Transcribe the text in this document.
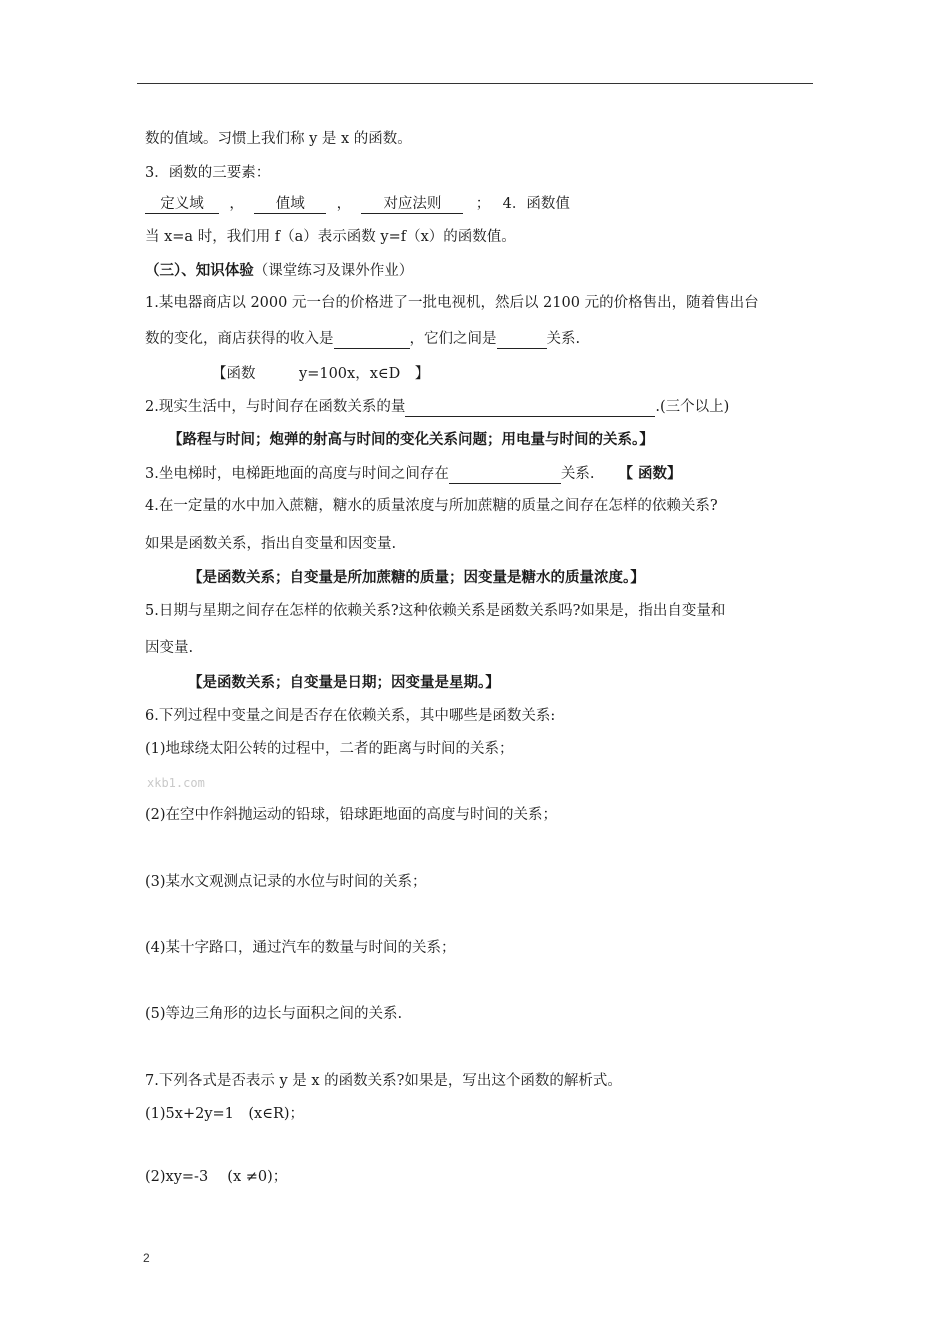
数的值域。习惯上我们称 y 是 x 的函数。
3．函数的三要素：
定义域 ， 值域 ， 对应法则 ； 4．函数值
当 x=a 时，我们用 f（a）表示函数 y=f（x）的函数值。
（三）、知识体验（课堂练习及课外作业）
1.某电器商店以 2000 元一台的价格进了一批电视机，然后以 2100 元的价格售出，随着售出台
数的变化，商店获得的收入是	，它们之间是	关系.
【函数　　　y=100x，x∈D　】
2.现实生活中，与时间存在函数关系的量	.(三个以上)
【路程与时间；炮弹的射高与时间的变化关系问题；用电量与时间的关系。】
3.坐电梯时，电梯距地面的高度与时间之间存在	关系. 【 函数】
4.在一定量的水中加入蔗糖，糖水的质量浓度与所加蔗糖的质量之间存在怎样的依赖关系?
如果是函数关系，指出自变量和因变量.
【是函数关系；自变量是所加蔗糖的质量；因变量是糖水的质量浓度。】
5.日期与星期之间存在怎样的依赖关系?这种依赖关系是函数关系吗?如果是，指出自变量和
因变量.
【是函数关系；自变量是日期；因变量是星期。】
6.下列过程中变量之间是否存在依赖关系，其中哪些是函数关系:
(1)地球绕太阳公转的过程中，二者的距离与时间的关系；
xkb1.com
(2)在空中作斜抛运动的铅球，铅球距地面的高度与时间的关系；
(3)某水文观测点记录的水位与时间的关系；
(4)某十字路口，通过汽车的数量与时间的关系；
(5)等边三角形的边长与面积之间的关系.
7.下列各式是否表示 y 是 x 的函数关系?如果是，写出这个函数的解析式。
(1)5x+2y=1　(x∈R)；
(2)xy=-3　 (x ≠0)；
2
